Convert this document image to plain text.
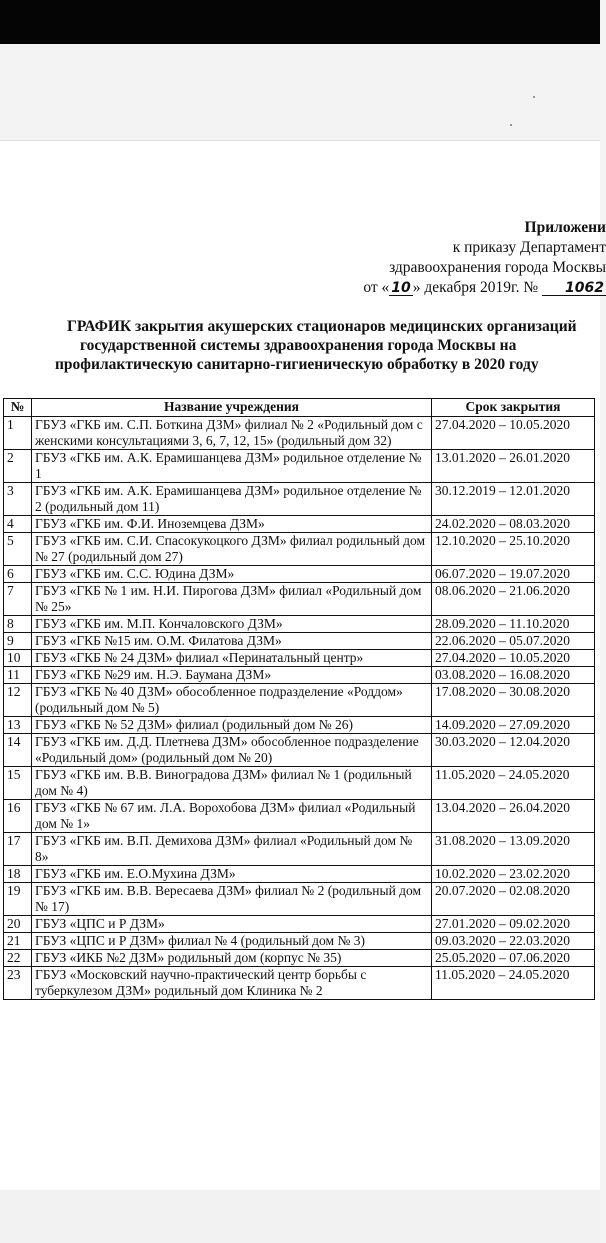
Приложени
к приказу Департамент
здравоохранения города Москвы
от « 10 » декабря 2019г. № 1062
ГРАФИК закрытия акушерских стационаров медицинских организаций
государственной системы здравоохранения города Москвы на
профилактическую санитарно-гигиеническую обработку в 2020 году
№	Название учреждения	Срок закрытия
1	ГБУЗ «ГКБ им. С.П. Боткина ДЗМ» филиал № 2 «Родильный дом с женскими консультациями 3, 6, 7, 12, 15» (родильный дом 32)	27.04.2020 – 10.05.2020
2	ГБУЗ «ГКБ им. А.К. Ерамишанцева ДЗМ» родильное отделение № 1	13.01.2020 – 26.01.2020
3	ГБУЗ «ГКБ им. А.К. Ерамишанцева ДЗМ» родильное отделение № 2 (родильный дом 11)	30.12.2019 – 12.01.2020
4	ГБУЗ «ГКБ им. Ф.И. Иноземцева ДЗМ»	24.02.2020 – 08.03.2020
5	ГБУЗ «ГКБ им. С.И. Спасокукоцкого ДЗМ» филиал родильный дом № 27 (родильный дом 27)	12.10.2020 – 25.10.2020
6	ГБУЗ «ГКБ им. С.С. Юдина ДЗМ»	06.07.2020 – 19.07.2020
7	ГБУЗ «ГКБ № 1 им. Н.И. Пирогова ДЗМ» филиал «Родильный дом № 25»	08.06.2020 – 21.06.2020
8	ГБУЗ «ГКБ им. М.П. Кончаловского ДЗМ»	28.09.2020 – 11.10.2020
9	ГБУЗ «ГКБ №15 им. О.М. Филатова ДЗМ»	22.06.2020 – 05.07.2020
10	ГБУЗ «ГКБ № 24 ДЗМ» филиал «Перинатальный центр»	27.04.2020 – 10.05.2020
11	ГБУЗ «ГКБ №29 им. Н.Э. Баумана ДЗМ»	03.08.2020 – 16.08.2020
12	ГБУЗ «ГКБ № 40 ДЗМ» обособленное подразделение «Роддом» (родильный дом № 5)	17.08.2020 – 30.08.2020
13	ГБУЗ «ГКБ № 52 ДЗМ» филиал (родильный дом № 26)	14.09.2020 – 27.09.2020
14	ГБУЗ «ГКБ им. Д.Д. Плетнева ДЗМ» обособленное подразделение «Родильный дом» (родильный дом № 20)	30.03.2020 – 12.04.2020
15	ГБУЗ «ГКБ им. В.В. Виноградова ДЗМ» филиал № 1 (родильный дом № 4)	11.05.2020 – 24.05.2020
16	ГБУЗ «ГКБ № 67 им. Л.А. Ворохобова ДЗМ» филиал «Родильный дом № 1»	13.04.2020 – 26.04.2020
17	ГБУЗ «ГКБ им. В.П. Демихова ДЗМ» филиал «Родильный дом № 8»	31.08.2020 – 13.09.2020
18	ГБУЗ «ГКБ им. Е.О.Мухина ДЗМ»	10.02.2020 – 23.02.2020
19	ГБУЗ «ГКБ им. В.В. Вересаева ДЗМ» филиал № 2 (родильный дом № 17)	20.07.2020 – 02.08.2020
20	ГБУЗ «ЦПС и Р ДЗМ»	27.01.2020 – 09.02.2020
21	ГБУЗ «ЦПС и Р ДЗМ» филиал № 4 (родильный дом № 3)	09.03.2020 – 22.03.2020
22	ГБУЗ «ИКБ №2 ДЗМ» родильный дом (корпус № 35)	25.05.2020 – 07.06.2020
23	ГБУЗ «Московский научно-практический центр борьбы с туберкулезом ДЗМ» родильный дом Клиника № 2	11.05.2020 – 24.05.2020
